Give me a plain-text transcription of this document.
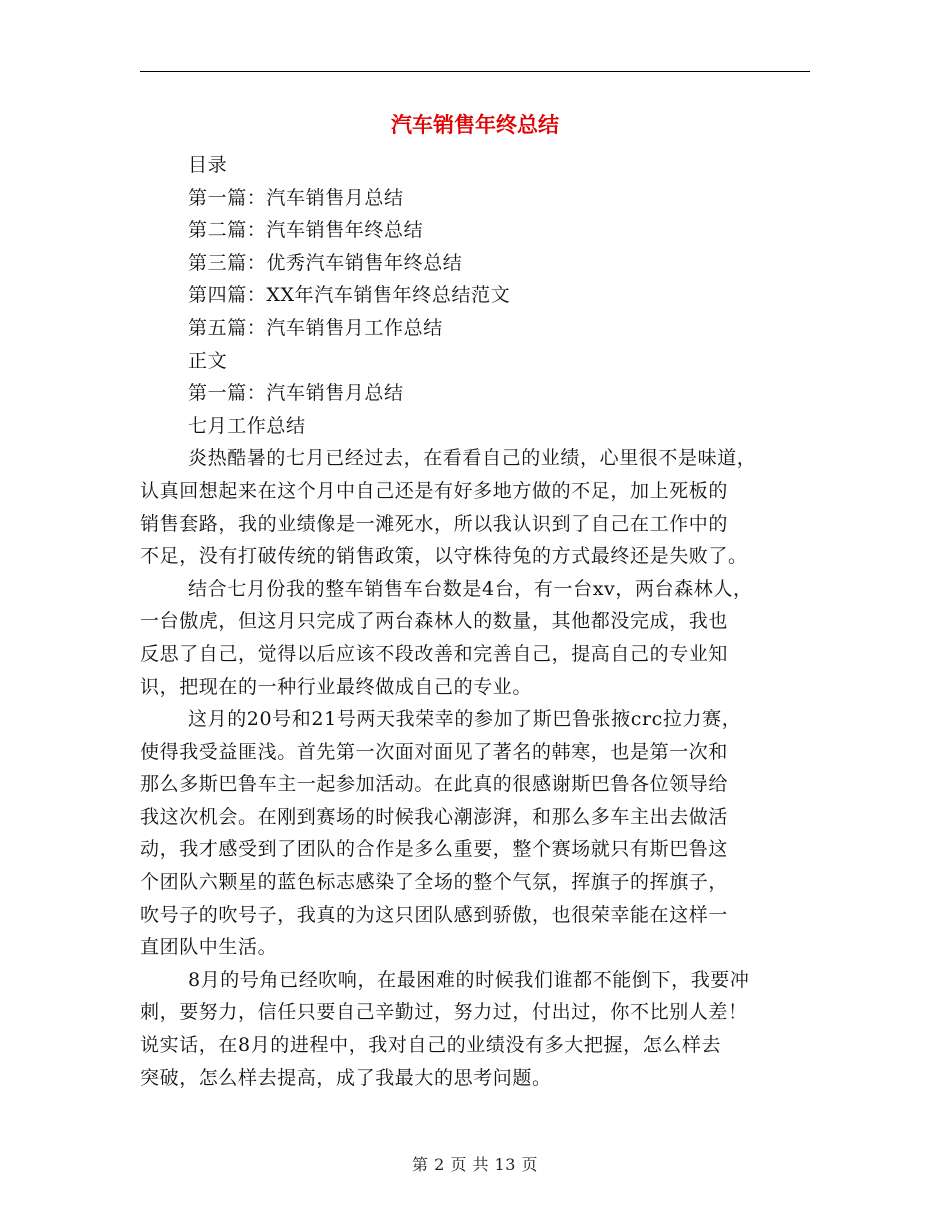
汽车销售年终总结
目录
第一篇：汽车销售月总结
第二篇：汽车销售年终总结
第三篇：优秀汽车销售年终总结
第四篇：XX年汽车销售年终总结范文
第五篇：汽车销售月工作总结
正文
第一篇：汽车销售月总结
七月工作总结
炎热酷暑的七月已经过去，在看看自己的业绩，心里很不是味道，
认真回想起来在这个月中自己还是有好多地方做的不足，加上死板的
销售套路，我的业绩像是一滩死水，所以我认识到了自己在工作中的
不足，没有打破传统的销售政策，以守株待兔的方式最终还是失败了。
结合七月份我的整车销售车台数是4台，有一台xv，两台森林人，
一台傲虎，但这月只完成了两台森林人的数量，其他都没完成，我也
反思了自己，觉得以后应该不段改善和完善自己，提高自己的专业知
识，把现在的一种行业最终做成自己的专业。
这月的20号和21号两天我荣幸的参加了斯巴鲁张掖crc拉力赛，
使得我受益匪浅。首先第一次面对面见了著名的韩寒，也是第一次和
那么多斯巴鲁车主一起参加活动。在此真的很感谢斯巴鲁各位领导给
我这次机会。在刚到赛场的时候我心潮澎湃，和那么多车主出去做活
动，我才感受到了团队的合作是多么重要，整个赛场就只有斯巴鲁这
个团队六颗星的蓝色标志感染了全场的整个气氛，挥旗子的挥旗子，
吹号子的吹号子，我真的为这只团队感到骄傲，也很荣幸能在这样一
直团队中生活。
8月的号角已经吹响，在最困难的时候我们谁都不能倒下，我要冲
刺，要努力，信任只要自己辛勤过，努力过，付出过，你不比别人差！
说实话，在8月的进程中，我对自己的业绩没有多大把握，怎么样去
突破，怎么样去提高，成了我最大的思考问题。
第 2 页 共 13 页
